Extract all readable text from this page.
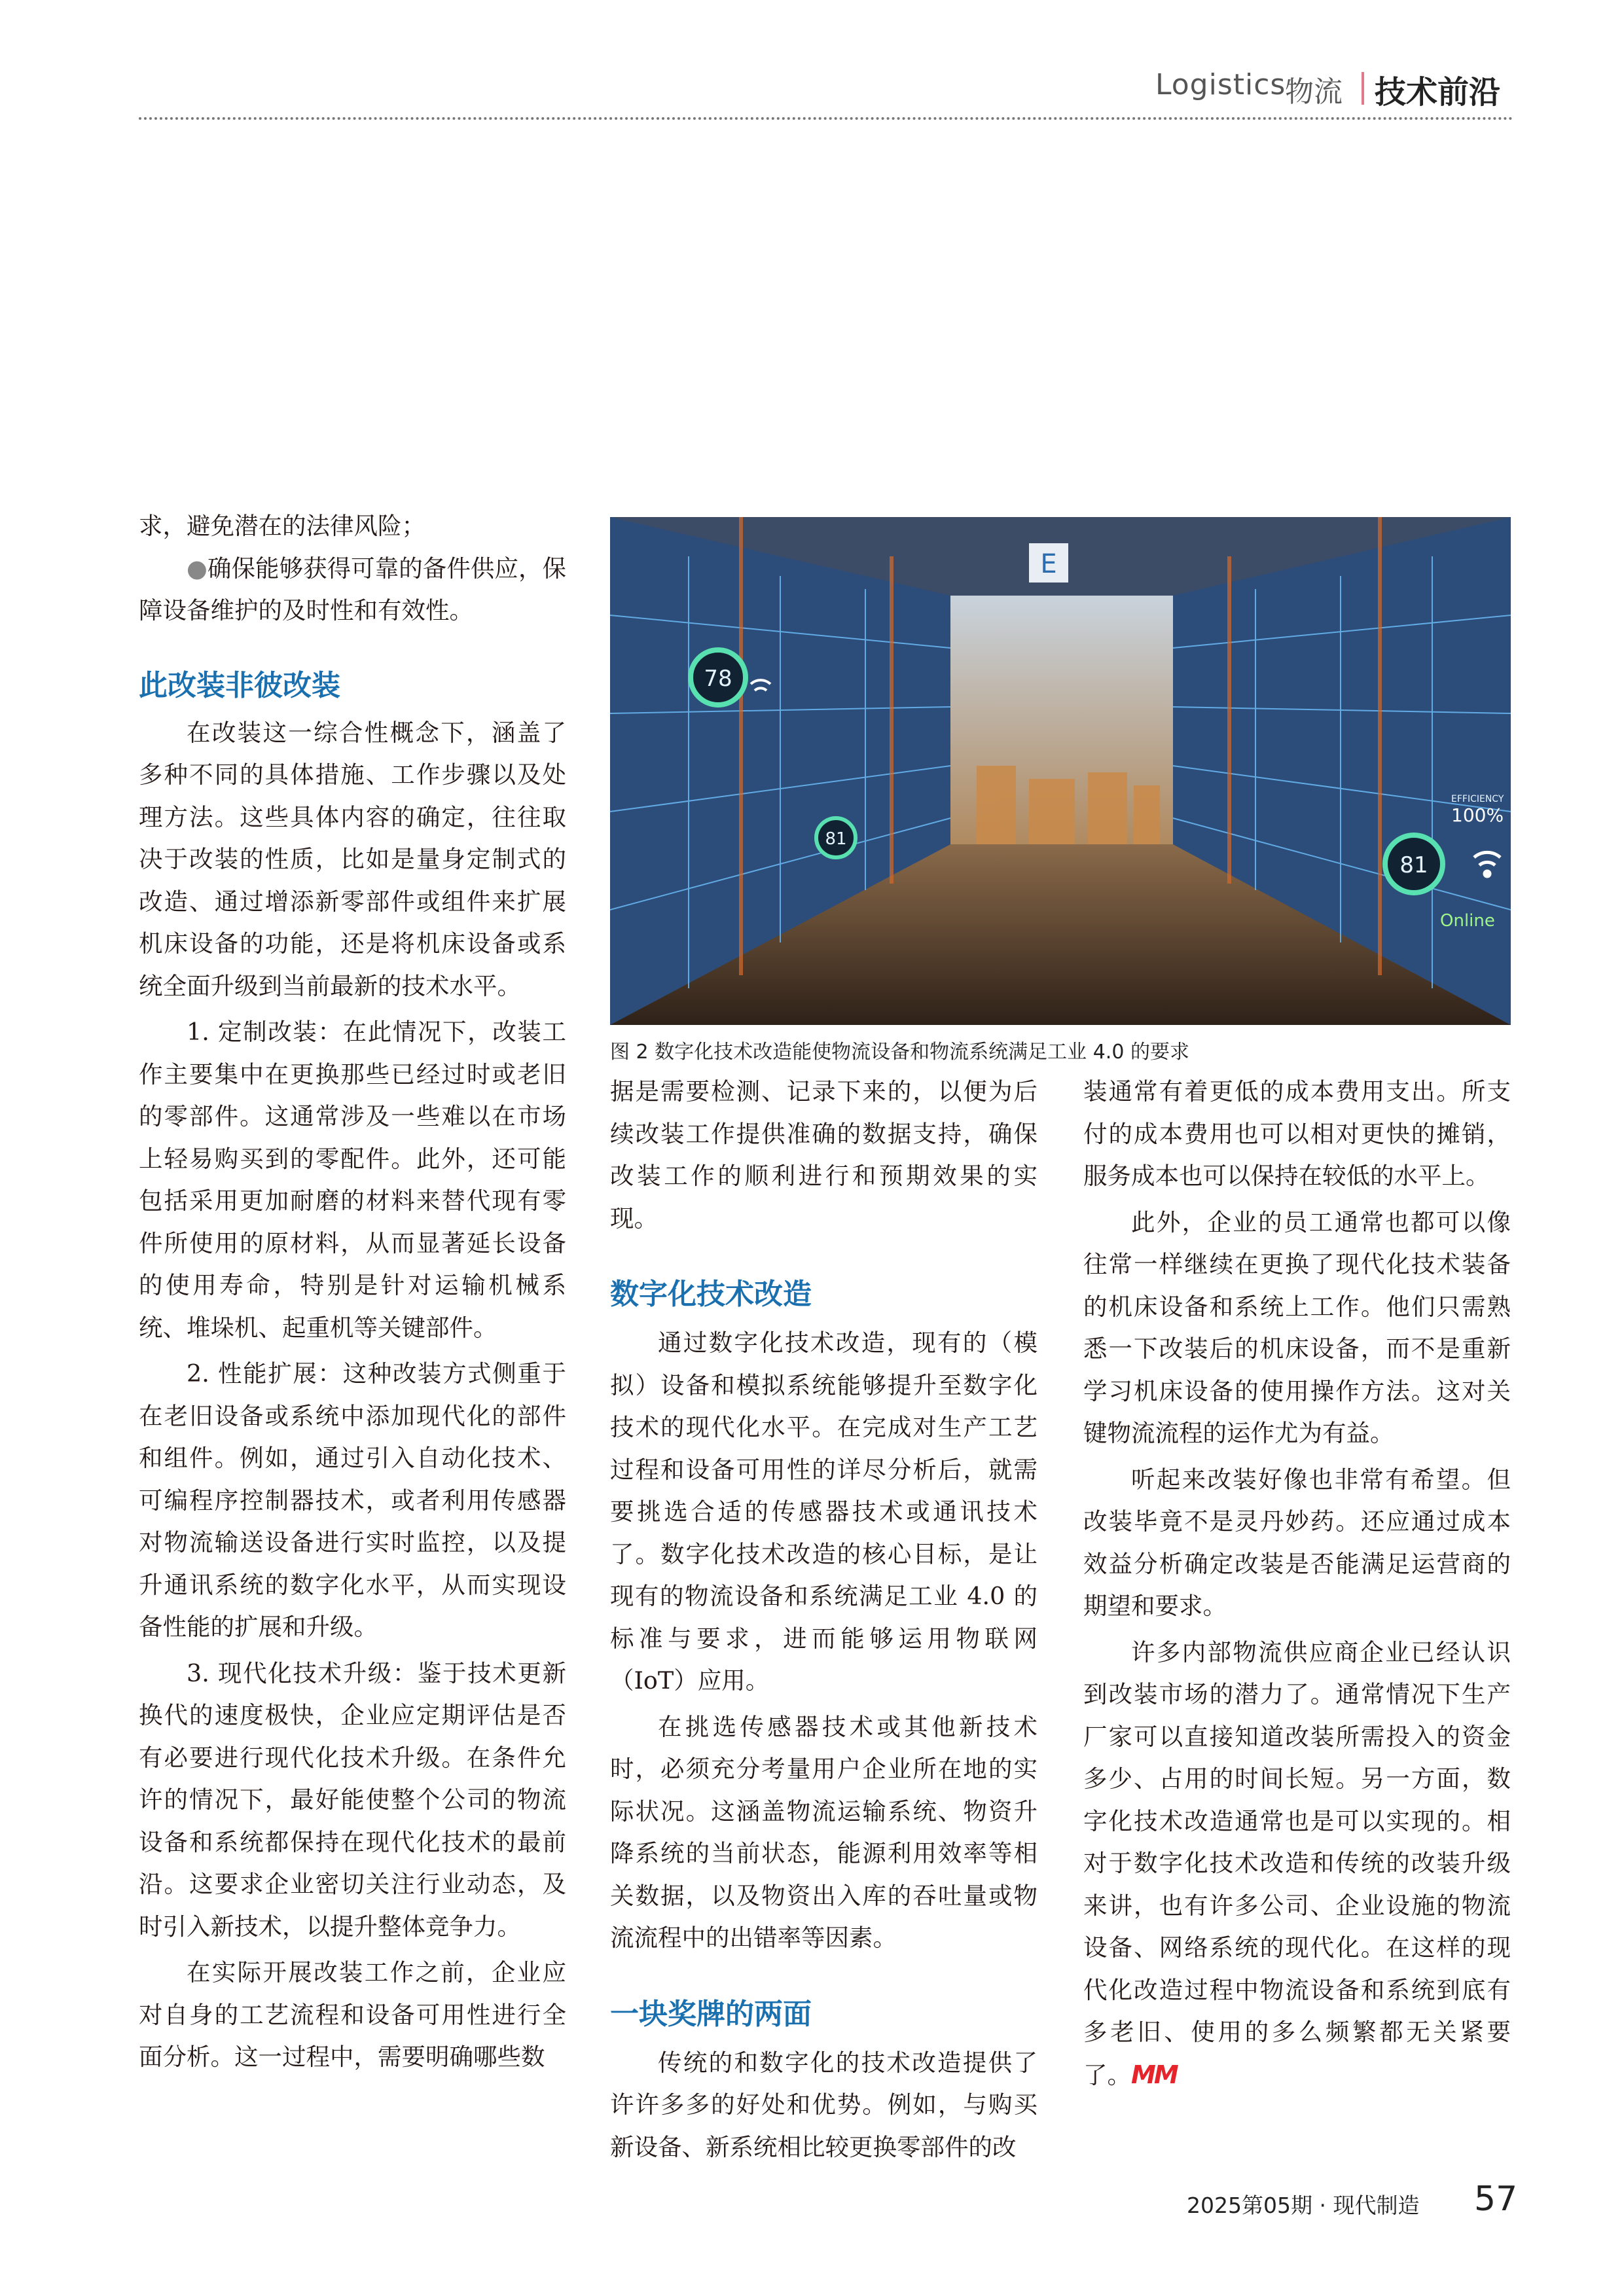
Logistics
物流 技术前沿

求，避免潜在的法律风险；

●确保能够获得可靠的备件供应，保障设备维护的及时性和有效性。

此改装非彼改装

在改装这一综合性概念下，涵盖了多种不同的具体措施、工作步骤以及处理方法。这些具体内容的确定，往往取决于改装的性质，比如是量身定制式的改造、通过增添新零部件或组件来扩展机床设备的功能，还是将机床设备或系统全面升级到当前最新的技术水平。

1. 定制改装：在此情况下，改装工作主要集中在更换那些已经过时或老旧的零部件。这通常涉及一些难以在市场上轻易购买到的零配件。此外，还可能包括采用更加耐磨的材料来替代现有零件所使用的原材料，从而显著延长设备的使用寿命，特别是针对运输机械系统、堆垛机、起重机等关键部件。

2. 性能扩展：这种改装方式侧重于在老旧设备或系统中添加现代化的部件和组件。例如，通过引入自动化技术、可编程序控制器技术，或者利用传感器对物流输送设备进行实时监控，以及提升通讯系统的数字化水平，从而实现设备性能的扩展和升级。

3. 现代化技术升级：鉴于技术更新换代的速度极快，企业应定期评估是否有必要进行现代化技术升级。在条件允许的情况下，最好能使整个公司的物流设备和系统都保持在现代化技术的最前沿。这要求企业密切关注行业动态，及时引入新技术，以提升整体竞争力。

在实际开展改装工作之前，企业应对自身的工艺流程和设备可用性进行全面分析。这一过程中，需要明确哪些数

E
78
81
81
EFFICIENCY
100%
Online
图 2 数字化技术改造能使物流设备和物流系统满足工业 4.0 的要求

据是需要检测、记录下来的，以便为后续改装工作提供准确的数据支持，确保改装工作的顺利进行和预期效果的实现。

数字化技术改造

通过数字化技术改造，现有的（模拟）设备和模拟系统能够提升至数字化技术的现代化水平。在完成对生产工艺过程和设备可用性的详尽分析后，就需要挑选合适的传感器技术或通讯技术了。数字化技术改造的核心目标，是让现有的物流设备和系统满足工业 4.0 的标准与要求，进而能够运用物联网（IoT）应用。

在挑选传感器技术或其他新技术时，必须充分考量用户企业所在地的实际状况。这涵盖物流运输系统、物资升降系统的当前状态，能源利用效率等相关数据，以及物资出入库的吞吐量或物流流程中的出错率等因素。

一块奖牌的两面

传统的和数字化的技术改造提供了许许多多的好处和优势。例如，与购买新设备、新系统相比较更换零部件的改

装通常有着更低的成本费用支出。所支付的成本费用也可以相对更快的摊销，服务成本也可以保持在较低的水平上。

此外，企业的员工通常也都可以像往常一样继续在更换了现代化技术装备的机床设备和系统上工作。他们只需熟悉一下改装后的机床设备，而不是重新学习机床设备的使用操作方法。这对关键物流流程的运作尤为有益。

听起来改装好像也非常有希望。但改装毕竟不是灵丹妙药。还应通过成本效益分析确定改装是否能满足运营商的期望和要求。

许多内部物流供应商企业已经认识到改装市场的潜力了。通常情况下生产厂家可以直接知道改装所需投入的资金多少、占用的时间长短。另一方面，数字化技术改造通常也是可以实现的。相对于数字化技术改造和传统的改装升级来讲，也有许多公司、企业设施的物流设备、网络系统的现代化。在这样的现代化改造过程中物流设备和系统到底有多老旧、使用的多么频繁都无关紧要了。MM

2025第05期 · 现代制造 57
